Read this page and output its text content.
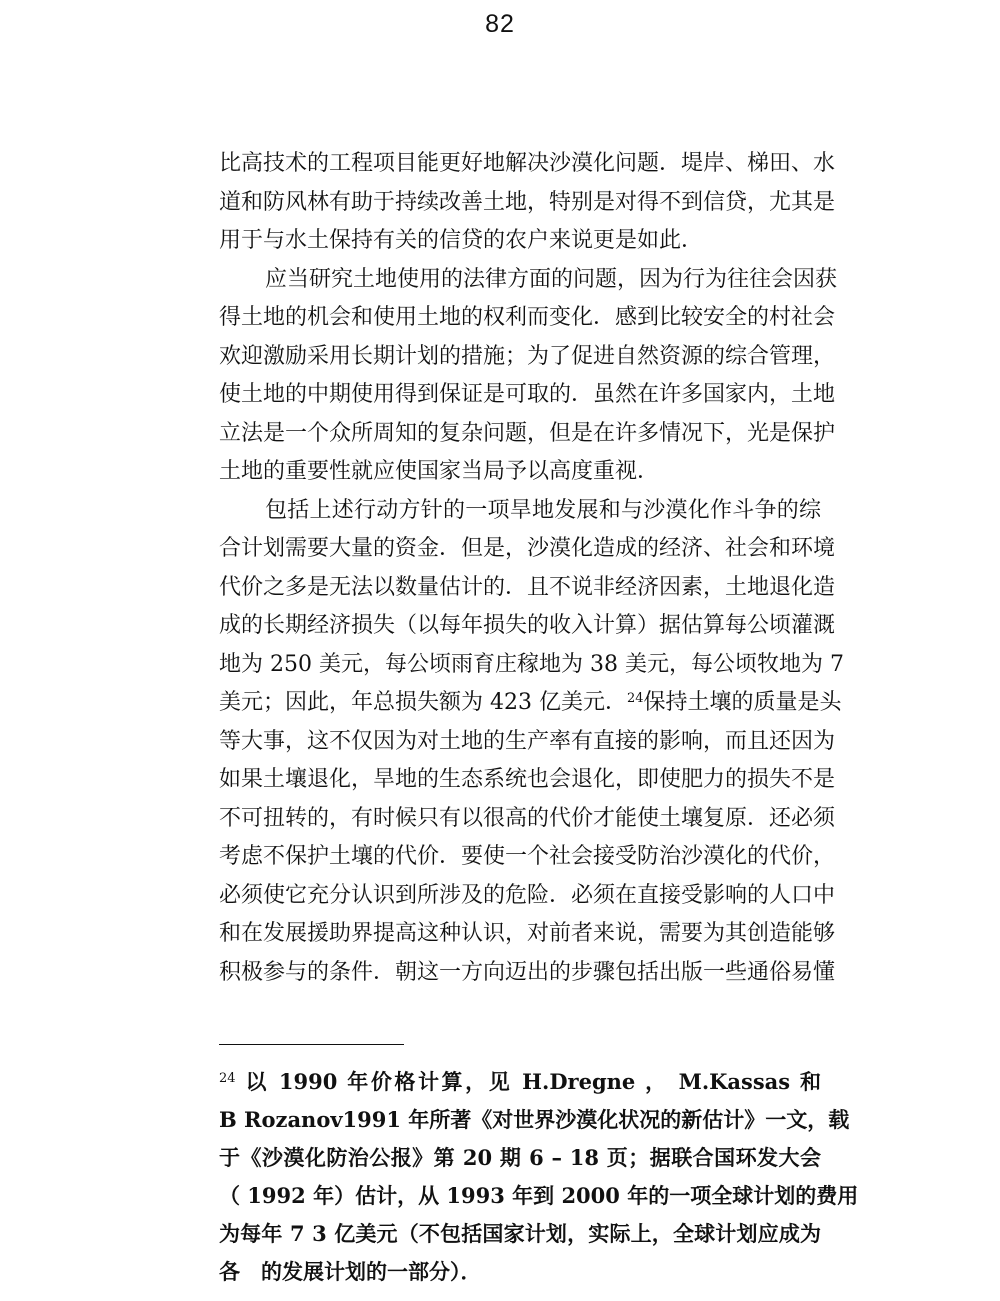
82
比高技术的工程项目能更好地解决沙漠化问题．堤岸、梯田、水
道和防风林有助于持续改善土地，特别是对得不到信贷，尤其是
用于与水土保持有关的信贷的农户来说更是如此．
应当研究土地使用的法律方面的问题，因为行为往往会因获
得土地的机会和使用土地的权利而变化．感到比较安全的村社会
欢迎激励采用长期计划的措施；为了促进自然资源的综合管理，
使土地的中期使用得到保证是可取的．虽然在许多国家内，土地
立法是一个众所周知的复杂问题，但是在许多情况下，光是保护
土地的重要性就应使国家当局予以高度重视．
包括上述行动方针的一项旱地发展和与沙漠化作斗争的综
合计划需要大量的资金．但是，沙漠化造成的经济、社会和环境
代价之多是无法以数量估计的．且不说非经济因素，土地退化造
成的长期经济损失（以每年损失的收入计算）据估算每公顷灌溉
地为 250 美元，每公顷雨育庄稼地为 38 美元，每公顷牧地为 7
美元；因此，年总损失额为 423 亿美元．$^{24}$保持土壤的质量是头
等大事，这不仅因为对土地的生产率有直接的影响，而且还因为
如果土壤退化，旱地的生态系统也会退化，即使肥力的损失不是
不可扭转的，有时候只有以很高的代价才能使土壤复原．还必须
考虑不保护土壤的代价．要使一个社会接受防治沙漠化的代价，
必须使它充分认识到所涉及的危险．必须在直接受影响的人口中
和在发展援助界提高这种认识，对前者来说，需要为其创造能够
积极参与的条件．朝这一方向迈出的步骤包括出版一些通俗易懂
$^{24}$ 以 1990 年价格计算，见 H.Dregne ， M.Kassas 和
B Rozanov1991 年所著《对世界沙漠化状况的新估计》一文，载
于《沙漠化防治公报》第 20 期 6 – 18 页；据联合国环发大会
（ 1992 年）估计，从 1993 年到 2000 年的一项全球计划的费用
为每年 7 3 亿美元（不包括国家计划，实际上，全球计划应成为
各　的发展计划的一部分）．
